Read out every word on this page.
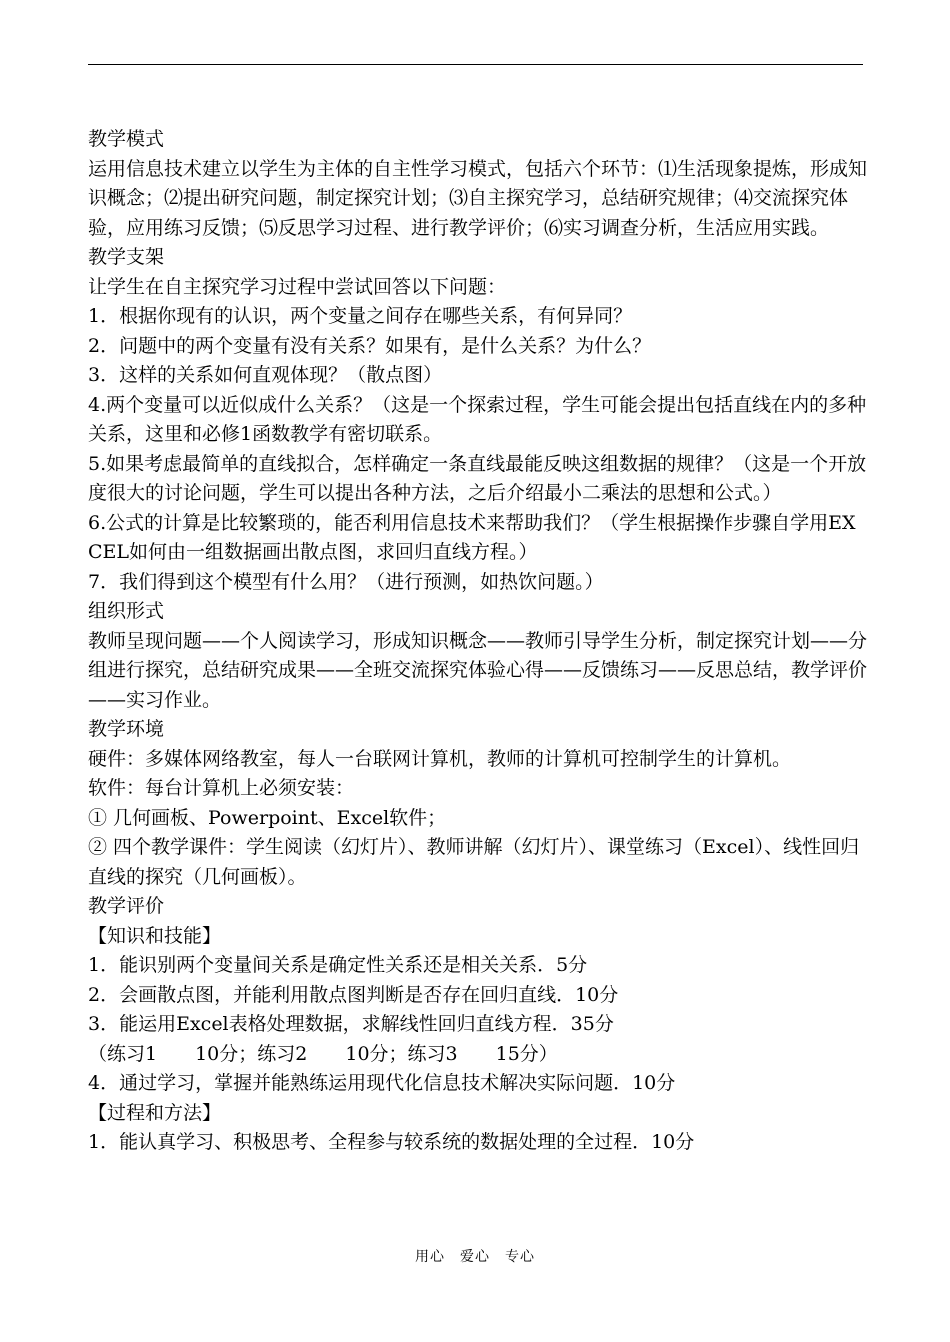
教学模式

运用信息技术建立以学生为主体的自主性学习模式，包括六个环节：⑴生活现象提炼，形成知识概念；⑵提出研究问题，制定探究计划；⑶自主探究学习，总结研究规律；⑷交流探究体验，应用练习反馈；⑸反思学习过程、进行教学评价；⑹实习调查分析，生活应用实践。

教学支架

让学生在自主探究学习过程中尝试回答以下问题：

1．根据你现有的认识，两个变量之间存在哪些关系，有何异同？

2．问题中的两个变量有没有关系？如果有，是什么关系？为什么？

3．这样的关系如何直观体现？（散点图）

4.两个变量可以近似成什么关系？（这是一个探索过程，学生可能会提出包括直线在内的多种关系，这里和必修1函数教学有密切联系。

5.如果考虑最简单的直线拟合，怎样确定一条直线最能反映这组数据的规律？（这是一个开放度很大的讨论问题，学生可以提出各种方法，之后介绍最小二乘法的思想和公式。）

6.公式的计算是比较繁琐的，能否利用信息技术来帮助我们？（学生根据操作步骤自学用EXCEL如何由一组数据画出散点图，求回归直线方程。）

7．我们得到这个模型有什么用？（进行预测，如热饮问题。）

组织形式

教师呈现问题——个人阅读学习，形成知识概念——教师引导学生分析，制定探究计划——分组进行探究，总结研究成果——全班交流探究体验心得——反馈练习——反思总结，教学评价——实习作业。

教学环境

硬件：多媒体网络教室，每人一台联网计算机，教师的计算机可控制学生的计算机。

软件：每台计算机上必须安装：

① 几何画板、Powerpoint、Excel软件；

② 四个教学课件：学生阅读（幻灯片）、教师讲解（幻灯片）、课堂练习（Excel）、线性回归直线的探究（几何画板）。

教学评价

【知识和技能】

1．能识别两个变量间关系是确定性关系还是相关关系．5分

2．会画散点图，并能利用散点图判断是否存在回归直线．10分

3．能运用Excel表格处理数据，求解线性回归直线方程．35分

（练习1　　10分；练习2　　10分；练习3　　15分）

4．通过学习，掌握并能熟练运用现代化信息技术解决实际问题．10分

【过程和方法】

1．能认真学习、积极思考、全程参与较系统的数据处理的全过程．10分

用心　爱心　专心
